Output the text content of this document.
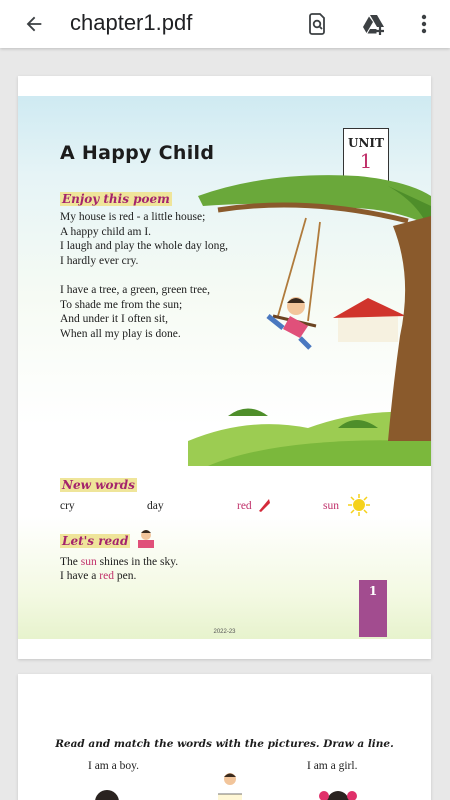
chapter1.pdf
A Happy Child	UNIT
1
Enjoy this poem
My house is red - a little house;
A happy child am I.
I laugh and play the whole day long,
I hardly ever cry.
I have a tree, a green, green tree,
To shade me from the sun;
And under it I often sit,
When all my play is done.
New words
cry	day	red	sun
Let's read
The sun shines in the sky.
I have a red pen.
1
2022-23
Read and match the words with the pictures. Draw a line.
I am a boy.	I am a girl.
